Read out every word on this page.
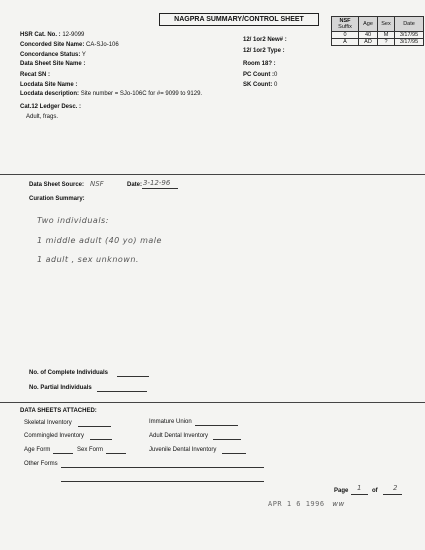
NAGPRA SUMMARY/CONTROL SHEET	NSF
Suffix	Age	Sex	Date
0	40	M	3/17/95
A	AD	?	3/17/95
HSR Cat. No. : 12-9099
Concorded Site Name: CA-SJo-106
Concordance Status: Y
Data Sheet Site Name :
Recat SN :
Locdata Site Name :
Locdata description: Site number = SJo-106C for #= 9099 to 9129.
Cat.12 Ledger Desc. :
Adult, frags.
12/ 1or2 New# :
12/ 1or2 Type :
Room 18? :
PC Count :0
SK Count: 0
Data Sheet Source: NSF	Date: 3-12-96
Curation Summary:
Two individuals:
1 middle adult (40 yo) male
1 adult , sex unknown.
No. of Complete Individuals
No. Partial Individuals
DATA SHEETS ATTACHED:
Skeletal Inventory	Immature Union
Commingled Inventory	Adult Dental Inventory
Age Form	Sex Form	Juvenile Dental Inventory
Other Forms
Page 1 of 2
APR 1 6 1996 ww
